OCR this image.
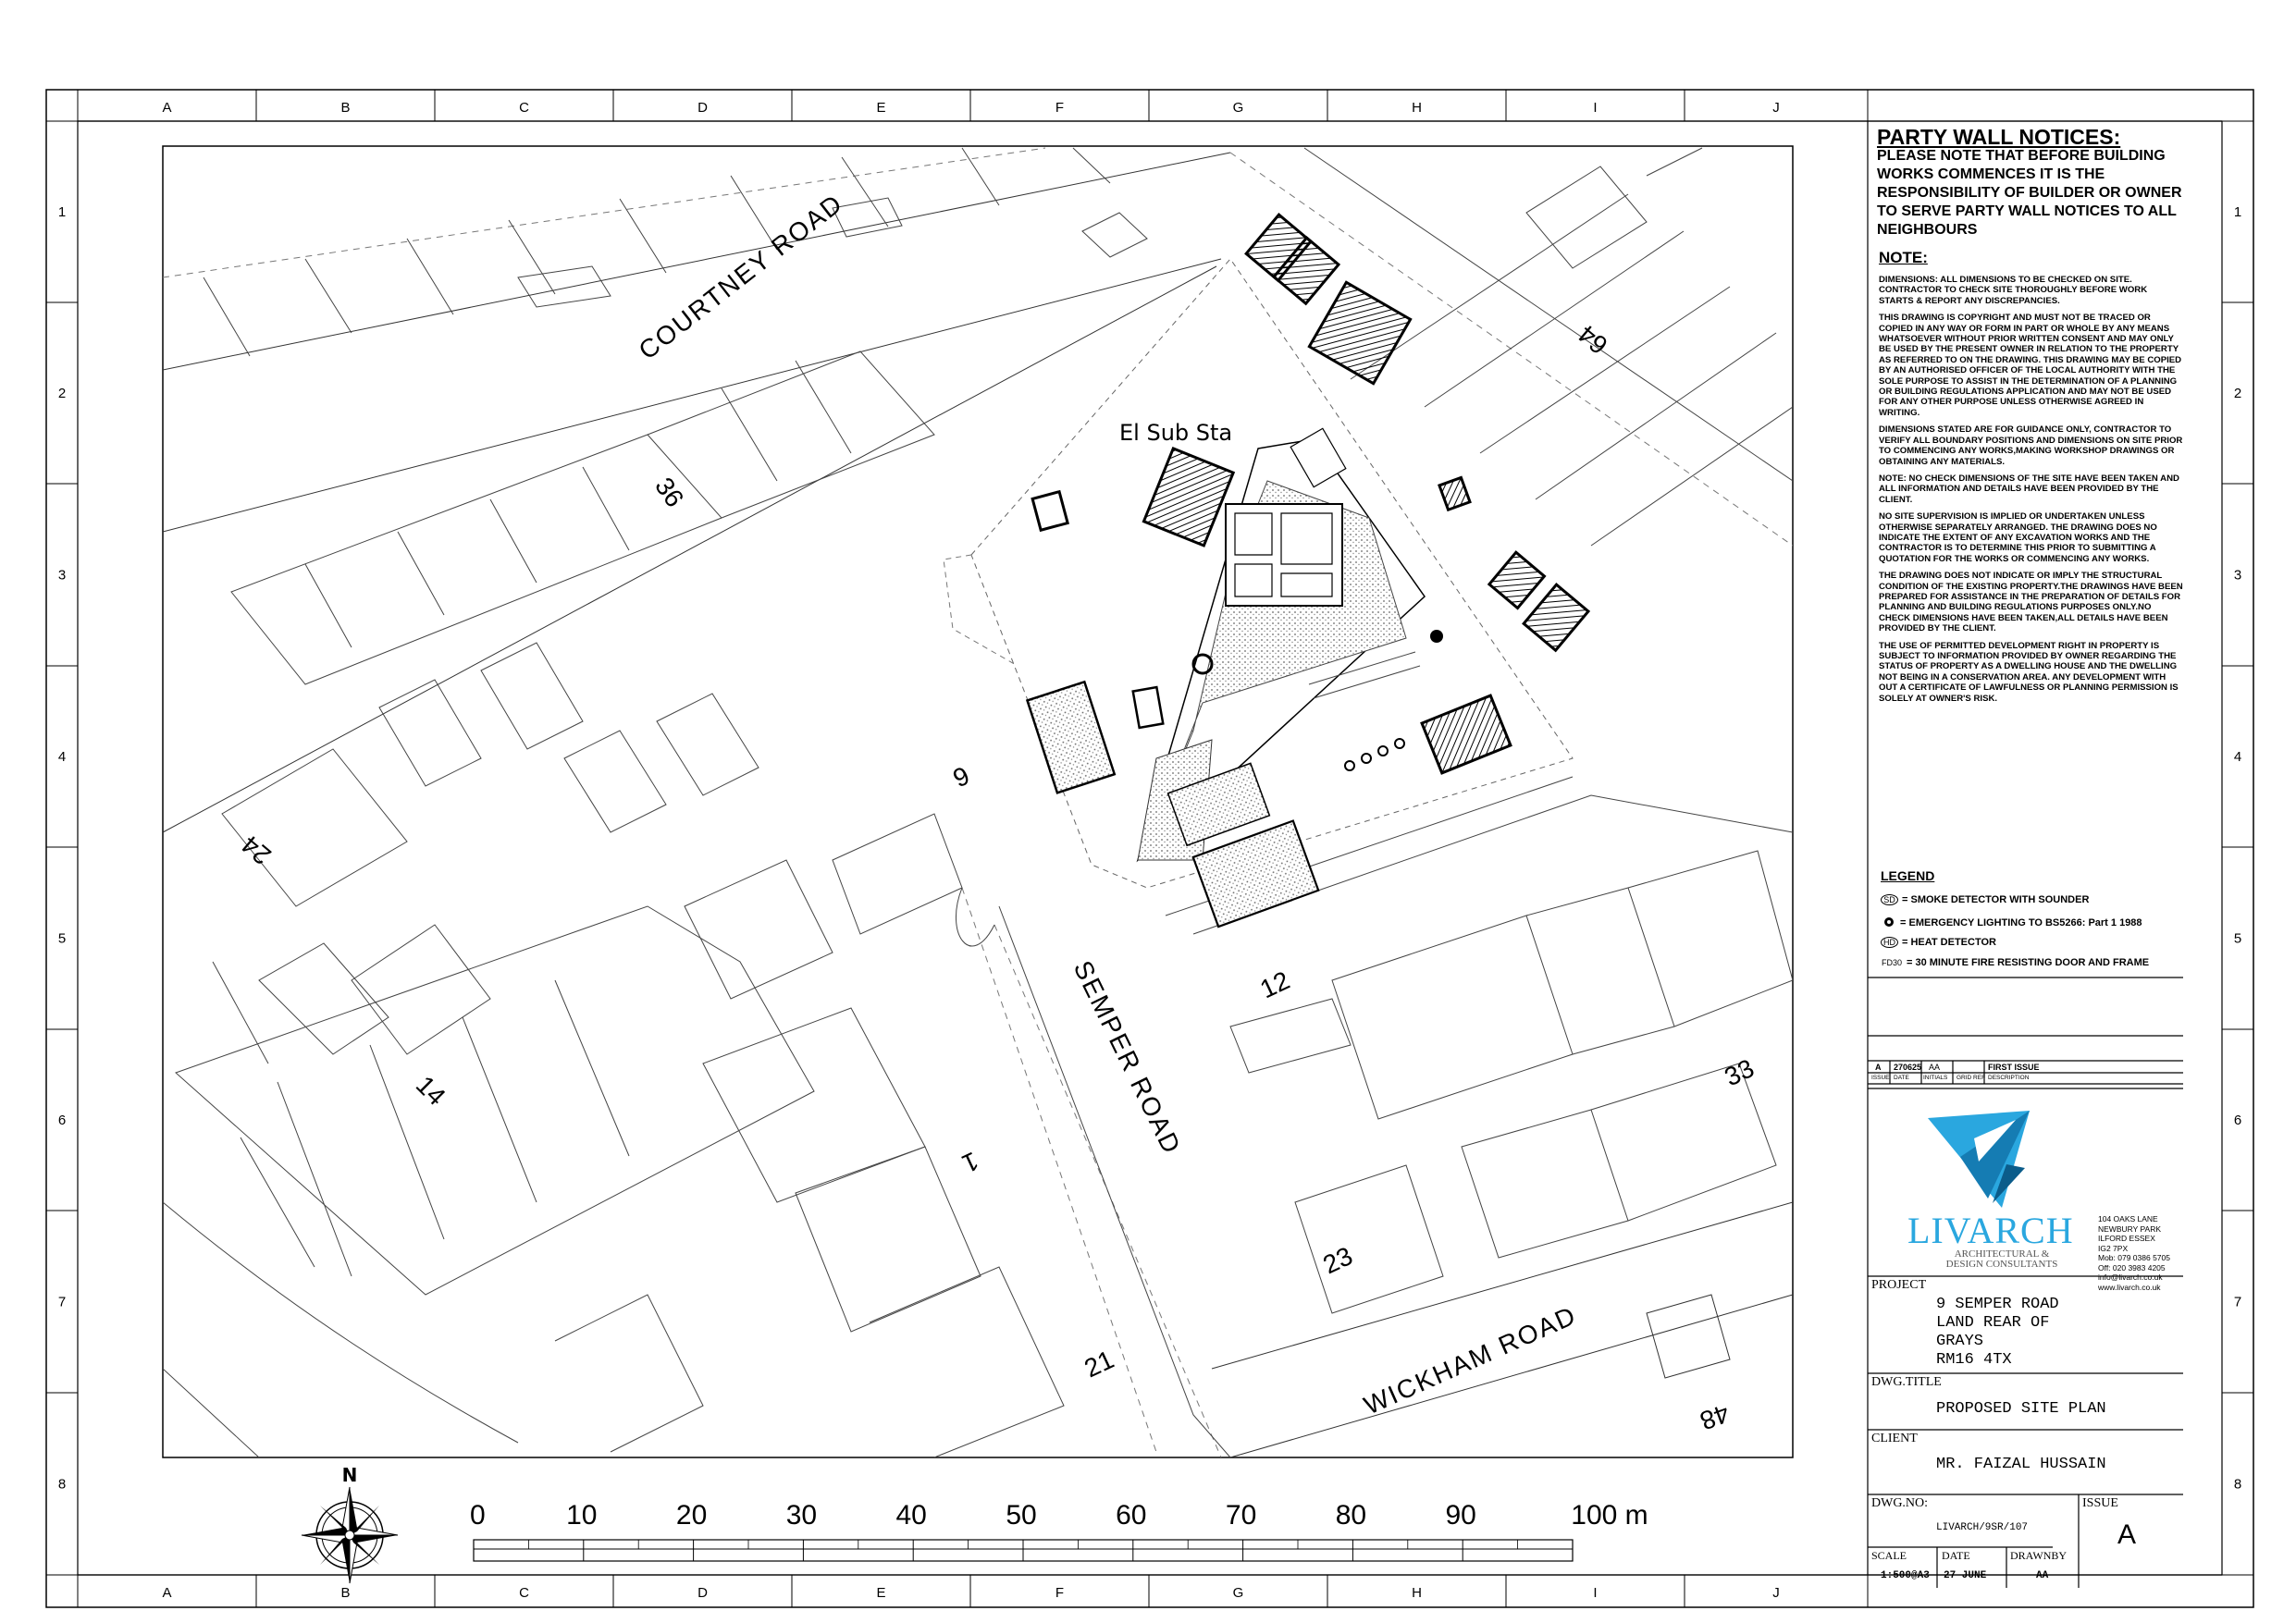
A
A
B
B
C
C
D
D
E
E
F
F
G
G
H
H
I
I
J
J
1	1
2	2
3	3
4	4
5	5
6	6
7	7
8	8
COURTNEY ROAD
SEMPER ROAD
WICKHAM ROAD
El Sub Sta
36
64
24
9
12
14
1
33
23
21
48
N
0	10	20	30	40	50	60	70	80	90	100 m
PARTY WALL NOTICES:
PLEASE NOTE THAT BEFORE BUILDING WORKS COMMENCES IT IS THE RESPONSIBILITY OF BUILDER OR OWNER TO SERVE PARTY WALL NOTICES TO ALL NEIGHBOURS
NOTE:

DIMENSIONS: ALL DIMENSIONS TO BE CHECKED ON SITE. CONTRACTOR TO CHECK SITE THOROUGHLY BEFORE WORK STARTS & REPORT ANY DISCREPANCIES.

THIS DRAWING IS COPYRIGHT AND MUST NOT BE TRACED OR COPIED IN ANY WAY OR FORM IN PART OR WHOLE BY ANY MEANS WHATSOEVER WITHOUT PRIOR WRITTEN CONSENT AND MAY ONLY BE USED BY THE PRESENT OWNER IN RELATION TO THE PROPERTY AS REFERRED TO ON THE DRAWING. THIS DRAWING MAY BE COPIED BY AN AUTHORISED OFFICER OF THE LOCAL AUTHORITY WITH THE SOLE PURPOSE TO ASSIST IN THE DETERMINATION OF A PLANNING OR BUILDING REGULATIONS APPLICATION AND MAY NOT BE USED FOR ANY OTHER PURPOSE UNLESS OTHERWISE AGREED IN WRITING.

DIMENSIONS STATED ARE FOR GUIDANCE ONLY, CONTRACTOR TO VERIFY ALL BOUNDARY POSITIONS AND DIMENSIONS ON SITE PRIOR TO COMMENCING ANY WORKS,MAKING WORKSHOP DRAWINGS OR OBTAINING ANY MATERIALS.

NOTE: NO CHECK DIMENSIONS OF THE SITE HAVE BEEN TAKEN AND ALL INFORMATION AND DETAILS HAVE BEEN PROVIDED BY THE CLIENT.

NO SITE SUPERVISION IS IMPLIED OR UNDERTAKEN UNLESS OTHERWISE SEPARATELY ARRANGED. THE DRAWING DOES NO INDICATE THE EXTENT OF ANY EXCAVATION WORKS AND THE CONTRACTOR IS TO DETERMINE THIS PRIOR TO SUBMITTING A QUOTATION FOR THE WORKS OR COMMENCING ANY WORKS.

THE DRAWING DOES NOT INDICATE OR IMPLY THE STRUCTURAL CONDITION OF THE EXISTING PROPERTY.THE DRAWINGS HAVE BEEN PREPARED FOR ASSISTANCE IN THE PREPARATION OF DETAILS FOR PLANNING AND BUILDING REGULATIONS PURPOSES ONLY.NO CHECK DIMENSIONS HAVE BEEN TAKEN,ALL DETAILS HAVE BEEN PROVIDED BY THE CLIENT.

THE USE OF PERMITTED DEVELOPMENT RIGHT IN PROPERTY IS SUBJECT TO INFORMATION PROVIDED BY OWNER REGARDING THE STATUS OF PROPERTY AS A DWELLING HOUSE AND THE DWELLING NOT BEING IN A CONSERVATION AREA. ANY DEVELOPMENT WITH OUT A CERTIFICATE OF LAWFULNESS OR PLANNING PERMISSION IS SOLELY AT OWNER'S RISK.

LEGEND
SD = SMOKE DETECTOR WITH SOUNDER
= EMERGENCY LIGHTING TO BS5266: Part 1 1988
HD = HEAT DETECTOR
FD30 = 30 MINUTE FIRE RESISTING DOOR AND FRAME
A 270625 AA	FIRST ISSUE
ISSUE DATE INITIALS GRID REF DESCRIPTION
LIVARCH
ARCHITECTURAL &
DESIGN CONSULTANTS
104 OAKS LANE
NEWBURY PARK
ILFORD ESSEX
IG2 7PX
Mob: 079 0386 5705
Off: 020 3983 4205
info@livarch.co.uk
www.livarch.co.uk
PROJECT
9 SEMPER ROAD
LAND REAR OF
GRAYS
RM16 4TX
DWG.TITLE
PROPOSED SITE PLAN
CLIENT
MR. FAIZAL HUSSAIN
DWG.NO:
LIVARCH/9SR/107
ISSUE
A
SCALE
1:500@A3
DATE
27 JUNE
DRAWNBY
AA
